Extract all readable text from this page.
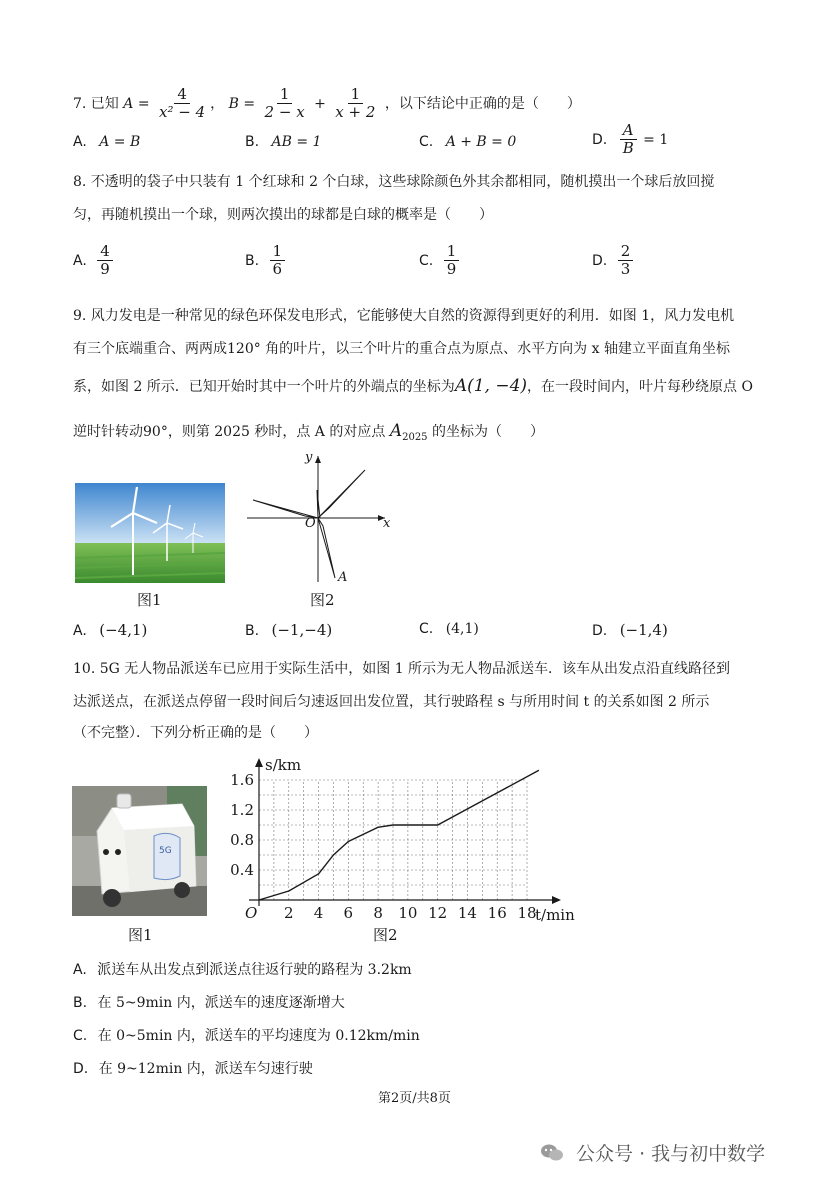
7. 已知 $A = \frac{4}{\text{x² − 4}}$ ， $B = \frac{1}{2 - x} + \frac{1}{x + 2}$ ，以下结论中正确的是（　　）
A. A = B	B. AB = 1	C. A + B = 0	D. $\frac{A}{B} = 1$
8. 不透明的袋子中只装有 1 个红球和 2 个白球，这些球除颜色外其余都相同，随机摸出一个球后放回搅
匀，再随机摸出一个球，则两次摸出的球都是白球的概率是（　　）
A. $\frac{4}{9}$	B. $\frac{1}{6}$	C. $\frac{1}{9}$	D. $\frac{2}{3}$
9. 风力发电是一种常见的绿色环保发电形式，它能够使大自然的资源得到更好的利用．如图 1，风力发电机
有三个底端重合、两两成120° 角的叶片，以三个叶片的重合点为原点、水平方向为 x 轴建立平面直角坐标
系，如图 2 所示．已知开始时其中一个叶片的外端点的坐标为A(1, −4)，在一段时间内，叶片每秒绕原点 O
逆时针转动90°，则第 2025 秒时，点 A 的对应点 $A_{2025}$ 的坐标为（　　）
图1
y
x
O
A
图2
A. (−4,1)	B. (−1,−4)	C. (4,1)	D. (−1,4)
10. 5G 无人物品派送车已应用于实际生活中，如图 1 所示为无人物品派送车．该车从出发点沿直线路径到
达派送点，在派送点停留一段时间后匀速返回出发位置，其行驶路程 s 与所用时间 t 的关系如图 2 所示
（不完整）．下列分析正确的是（　　）
5G
图1
2 4 6 8 10 12 14 16 18
0.4
0.8
1.2
1.6
O	t/min
s/km
图2
A. 派送车从出发点到派送点往返行驶的路程为 3.2km
B. 在 5~9min 内，派送车的速度逐渐增大
C. 在 0~5min 内，派送车的平均速度为 0.12km/min
D. 在 9~12min 内，派送车匀速行驶
第2页/共8页
公众号 · 我与初中数学
